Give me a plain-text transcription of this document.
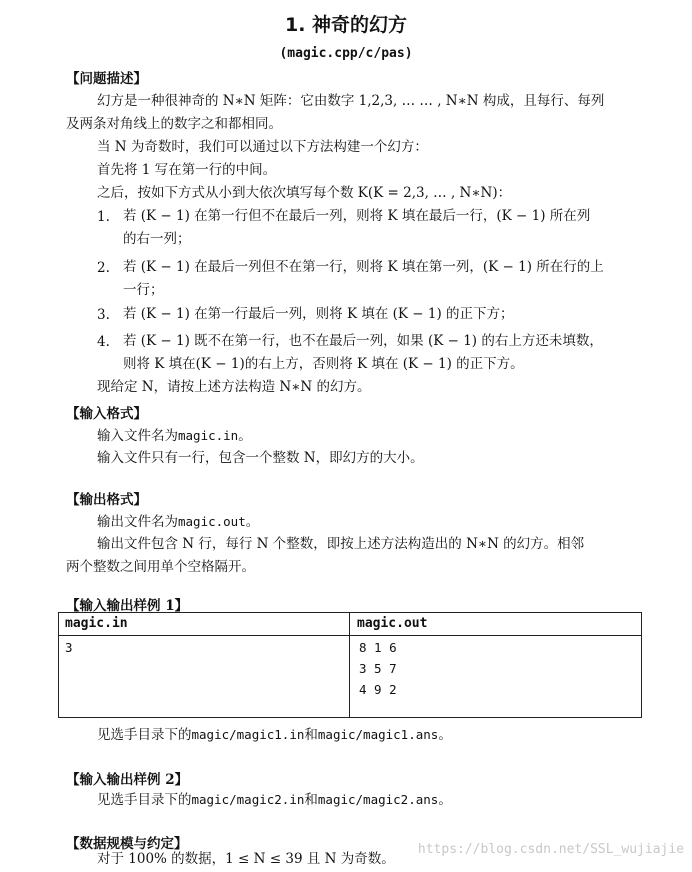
1. 神奇的幻方
(magic.cpp/c/pas)
【问题描述】
幻方是一种很神奇的 N∗N 矩阵：它由数字 1,2,3, … … , N∗N 构成，且每行、每列
及两条对角线上的数字之和都相同。
当 N 为奇数时，我们可以通过以下方法构建一个幻方：
首先将 1 写在第一行的中间。
之后，按如下方式从小到大依次填写每个数 K(K = 2,3, … , N∗N)：
1. 若 (K − 1) 在第一行但不在最后一列，则将 K 填在最后一行，(K − 1) 所在列
的右一列；
2. 若 (K − 1) 在最后一列但不在第一行，则将 K 填在第一列，(K − 1) 所在行的上
一行；
3. 若 (K − 1) 在第一行最后一列，则将 K 填在 (K − 1) 的正下方；
4. 若 (K − 1) 既不在第一行，也不在最后一列，如果 (K − 1) 的右上方还未填数，
则将 K 填在(K − 1)的右上方，否则将 K 填在 (K − 1) 的正下方。
现给定 N，请按上述方法构造 N∗N 的幻方。
【输入格式】
输入文件名为magic.in。
输入文件只有一行，包含一个整数 N，即幻方的大小。
【输出格式】
输出文件名为magic.out。
输出文件包含 N 行，每行 N 个整数，即按上述方法构造出的 N∗N 的幻方。相邻
两个整数之间用单个空格隔开。
【输入输出样例 1】
magic.in	magic.out
3	8 1 6
3 5 7
4 9 2
见选手目录下的magic/magic1.in和magic/magic1.ans。
【输入输出样例 2】
见选手目录下的magic/magic2.in和magic/magic2.ans。
【数据规模与约定】
对于 100% 的数据，1 ≤ N ≤ 39 且 N 为奇数。
https://blog.csdn.net/SSL_wujiajie
